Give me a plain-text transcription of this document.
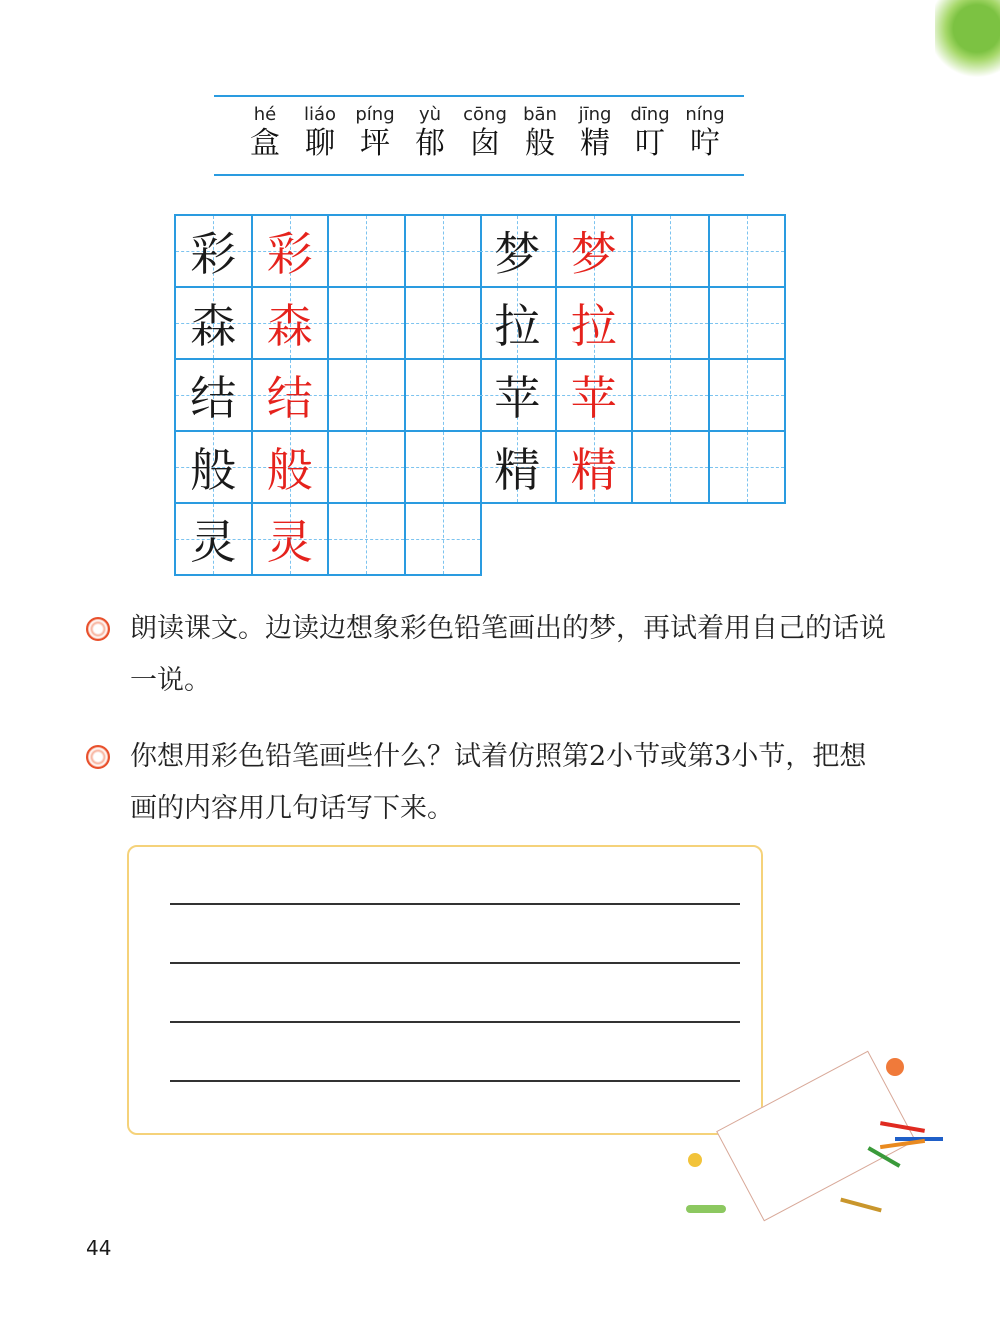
hé
盒
liáo
聊
píng
坪
yù
郁
cōng
囱
bān
般
jīng
精
dīng
叮
níng
咛
彩 彩
森 森
结 结
般 般
灵 灵
梦 梦
拉 拉
苹 苹
精 精
朗读课文。边读边想象彩色铅笔画出的梦，再试着用自己的话说一说。
你想用彩色铅笔画些什么？试着仿照第2小节或第3小节，把想画的内容用几句话写下来。
44
